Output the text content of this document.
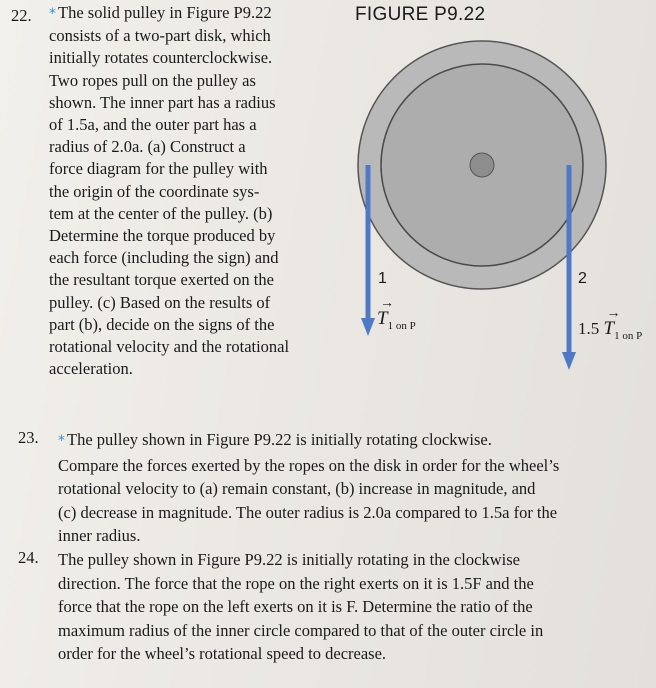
22. * The solid pulley in Figure P9.22
consists of a two-part disk, which
initially rotates counterclockwise.
Two ropes pull on the pulley as
shown. The inner part has a radius
of 1.5a, and the outer part has a
radius of 2.0a. (a) Construct a
force diagram for the pulley with
the origin of the coordinate sys-
tem at the center of the pulley. (b)
Determine the torque produced by
each force (including the sign) and
the resultant torque exerted on the
pulley. (c) Based on the results of
part (b), decide on the signs of the
rotational velocity and the rotational
acceleration.
FIGURE P9.22
1	2
→
$T_{1 on P}$	1.5
→
$T_{1 on P}$
23. * The pulley shown in Figure P9.22 is initially rotating clockwise.
Compare the forces exerted by the ropes on the disk in order for the wheel’s
rotational velocity to (a) remain constant, (b) increase in magnitude, and
(c) decrease in magnitude. The outer radius is 2.0a compared to 1.5a for the
inner radius.
24. The pulley shown in Figure P9.22 is initially rotating in the clockwise
direction. The force that the rope on the right exerts on it is 1.5F and the
force that the rope on the left exerts on it is F. Determine the ratio of the
maximum radius of the inner circle compared to that of the outer circle in
order for the wheel’s rotational speed to decrease.
